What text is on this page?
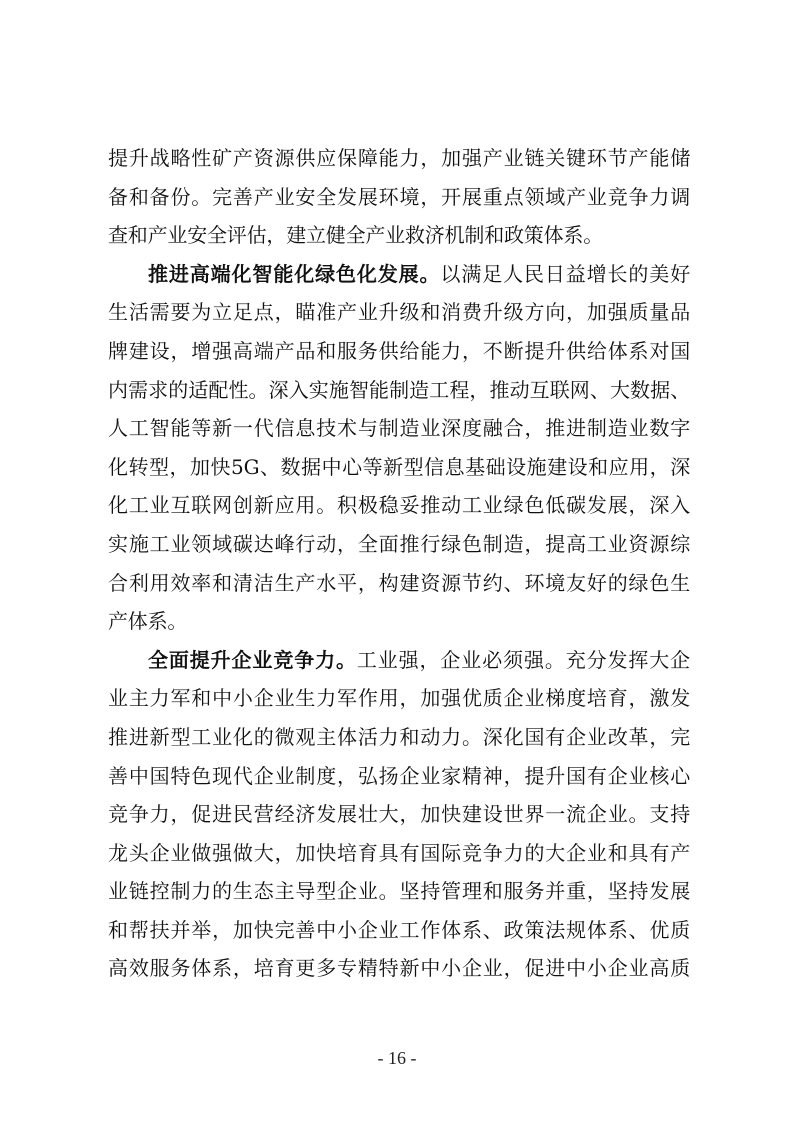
提升战略性矿产资源供应保障能力，加强产业链关键环节产能储
备和备份。完善产业安全发展环境，开展重点领域产业竞争力调
查和产业安全评估，建立健全产业救济机制和政策体系。
推进高端化智能化绿色化发展。以满足人民日益增长的美好
生活需要为立足点，瞄准产业升级和消费升级方向，加强质量品
牌建设，增强高端产品和服务供给能力，不断提升供给体系对国
内需求的适配性。深入实施智能制造工程，推动互联网、大数据、
人工智能等新一代信息技术与制造业深度融合，推进制造业数字
化转型，加快5G、数据中心等新型信息基础设施建设和应用，深
化工业互联网创新应用。积极稳妥推动工业绿色低碳发展，深入
实施工业领域碳达峰行动，全面推行绿色制造，提高工业资源综
合利用效率和清洁生产水平，构建资源节约、环境友好的绿色生
产体系。
全面提升企业竞争力。工业强，企业必须强。充分发挥大企
业主力军和中小企业生力军作用，加强优质企业梯度培育，激发
推进新型工业化的微观主体活力和动力。深化国有企业改革，完
善中国特色现代企业制度，弘扬企业家精神，提升国有企业核心
竞争力，促进民营经济发展壮大，加快建设世界一流企业。支持
龙头企业做强做大，加快培育具有国际竞争力的大企业和具有产
业链控制力的生态主导型企业。坚持管理和服务并重，坚持发展
和帮扶并举，加快完善中小企业工作体系、政策法规体系、优质
高效服务体系，培育更多专精特新中小企业，促进中小企业高质
- 16 -
